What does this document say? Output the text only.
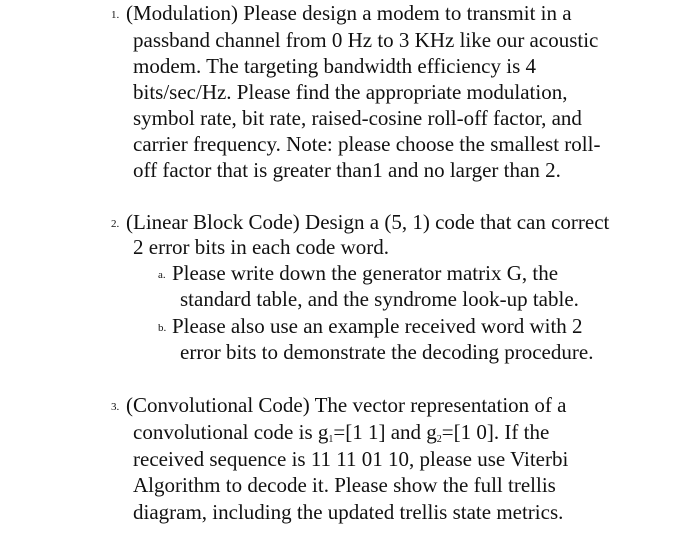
1. (Modulation) Please design a modem to transmit in a
passband channel from 0 Hz to 3 KHz like our acoustic
modem. The targeting bandwidth efficiency is 4
bits/sec/Hz. Please find the appropriate modulation,
symbol rate, bit rate, raised-cosine roll-off factor, and
carrier frequency. Note: please choose the smallest roll-
off factor that is greater than1 and no larger than 2.
2. (Linear Block Code) Design a (5, 1) code that can correct
2 error bits in each code word.
a. Please write down the generator matrix G, the
standard table, and the syndrome look-up table.
b. Please also use an example received word with 2
error bits to demonstrate the decoding procedure.
3. (Convolutional Code) The vector representation of a
convolutional code is $g_1=[1$ 1] and $g_2=[1$ 0]. If the
received sequence is 11 11 01 10, please use Viterbi
Algorithm to decode it. Please show the full trellis
diagram, including the updated trellis state metrics.
